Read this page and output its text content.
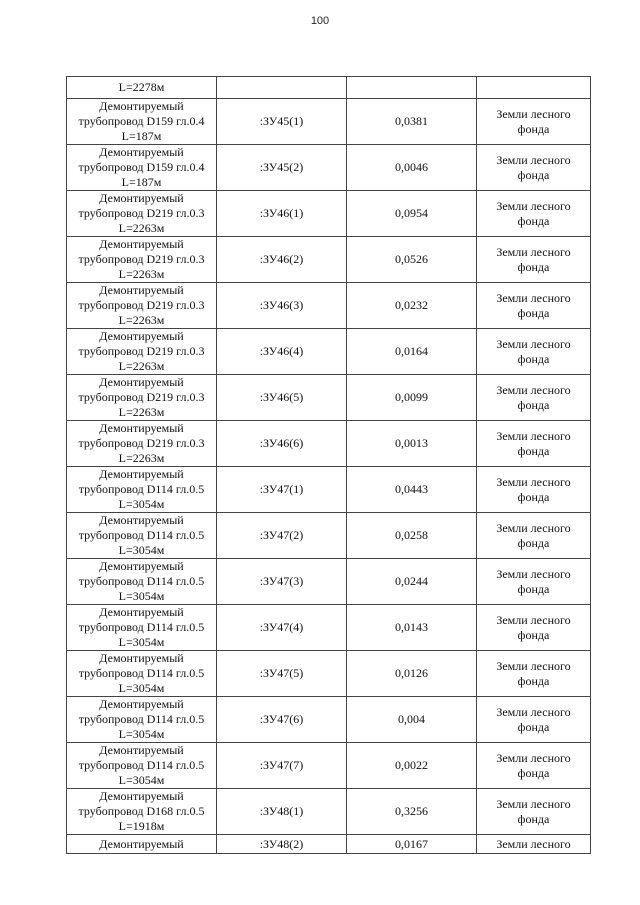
100
L=2278м			

Демонтируемый
трубопровод D159 гл.0.4
L=187м	:ЗУ45(1)	0,0381	Земли лесного
фонда

Демонтируемый
трубопровод D159 гл.0.4
L=187м	:ЗУ45(2)	0,0046	Земли лесного
фонда

Демонтируемый
трубопровод D219 гл.0.3
L=2263м	:ЗУ46(1)	0,0954	Земли лесного
фонда

Демонтируемый
трубопровод D219 гл.0.3
L=2263м	:ЗУ46(2)	0,0526	Земли лесного
фонда

Демонтируемый
трубопровод D219 гл.0.3
L=2263м	:ЗУ46(3)	0,0232	Земли лесного
фонда

Демонтируемый
трубопровод D219 гл.0.3
L=2263м	:ЗУ46(4)	0,0164	Земли лесного
фонда

Демонтируемый
трубопровод D219 гл.0.3
L=2263м	:ЗУ46(5)	0,0099	Земли лесного
фонда

Демонтируемый
трубопровод D219 гл.0.3
L=2263м	:ЗУ46(6)	0,0013	Земли лесного
фонда

Демонтируемый
трубопровод D114 гл.0.5
L=3054м	:ЗУ47(1)	0,0443	Земли лесного
фонда

Демонтируемый
трубопровод D114 гл.0.5
L=3054м	:ЗУ47(2)	0,0258	Земли лесного
фонда

Демонтируемый
трубопровод D114 гл.0.5
L=3054м	:ЗУ47(3)	0,0244	Земли лесного
фонда

Демонтируемый
трубопровод D114 гл.0.5
L=3054м	:ЗУ47(4)	0,0143	Земли лесного
фонда

Демонтируемый
трубопровод D114 гл.0.5
L=3054м	:ЗУ47(5)	0,0126	Земли лесного
фонда

Демонтируемый
трубопровод D114 гл.0.5
L=3054м	:ЗУ47(6)	0,004	Земли лесного
фонда

Демонтируемый
трубопровод D114 гл.0.5
L=3054м	:ЗУ47(7)	0,0022	Земли лесного
фонда

Демонтируемый
трубопровод D168 гл.0.5
L=1918м	:ЗУ48(1)	0,3256	Земли лесного
фонда

Демонтируемый	:ЗУ48(2)	0,0167	Земли лесного
